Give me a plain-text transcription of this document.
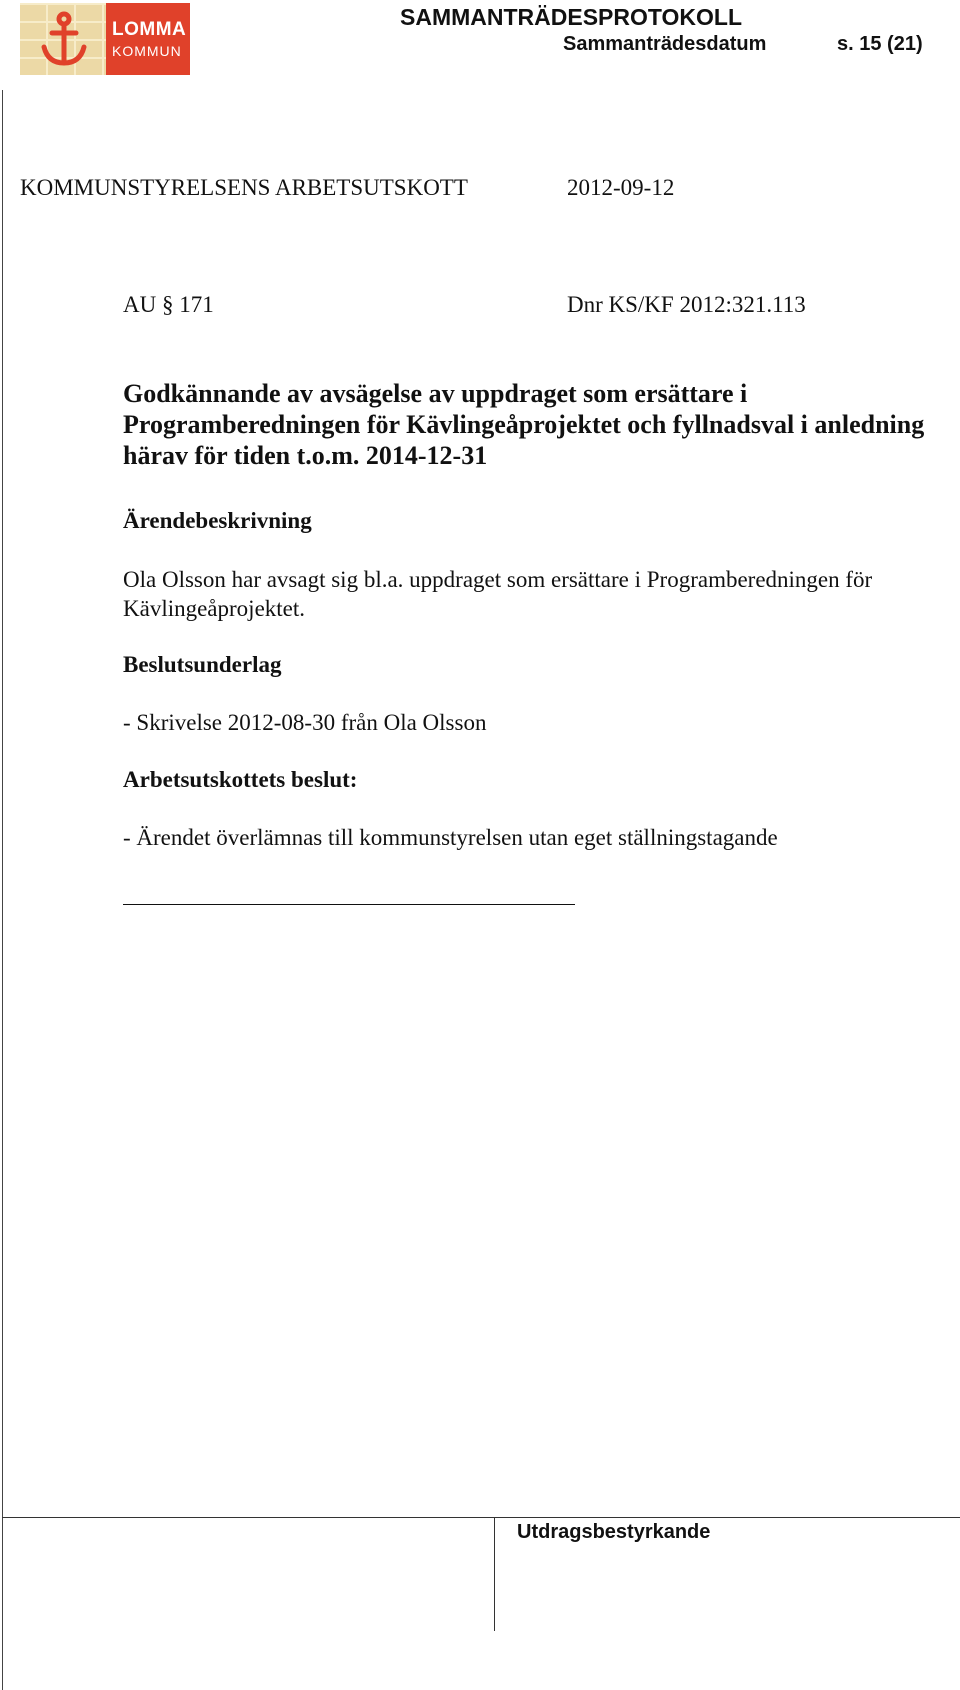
LOMMA
KOMMUN
SAMMANTRÄDESPROTOKOLL
Sammanträdesdatum	s. 15 (21)
KOMMUNSTYRELSENS ARBETSUTSKOTT	2012-09-12
AU § 171	Dnr KS/KF 2012:321.113
Godkännande av avsägelse av uppdraget som ersättare i Programberedningen för Kävlingeåprojektet och fyllnadsval i anledning härav för tiden t.o.m. 2014-12-31
Ärendebeskrivning
Ola Olsson har avsagt sig bl.a. uppdraget som ersättare i Programberedningen för Kävlingeåprojektet.
Beslutsunderlag
- Skrivelse 2012-08-30 från Ola Olsson
Arbetsutskottets beslut:
- Ärendet överlämnas till kommunstyrelsen utan eget ställningstagande
Utdragsbestyrkande
